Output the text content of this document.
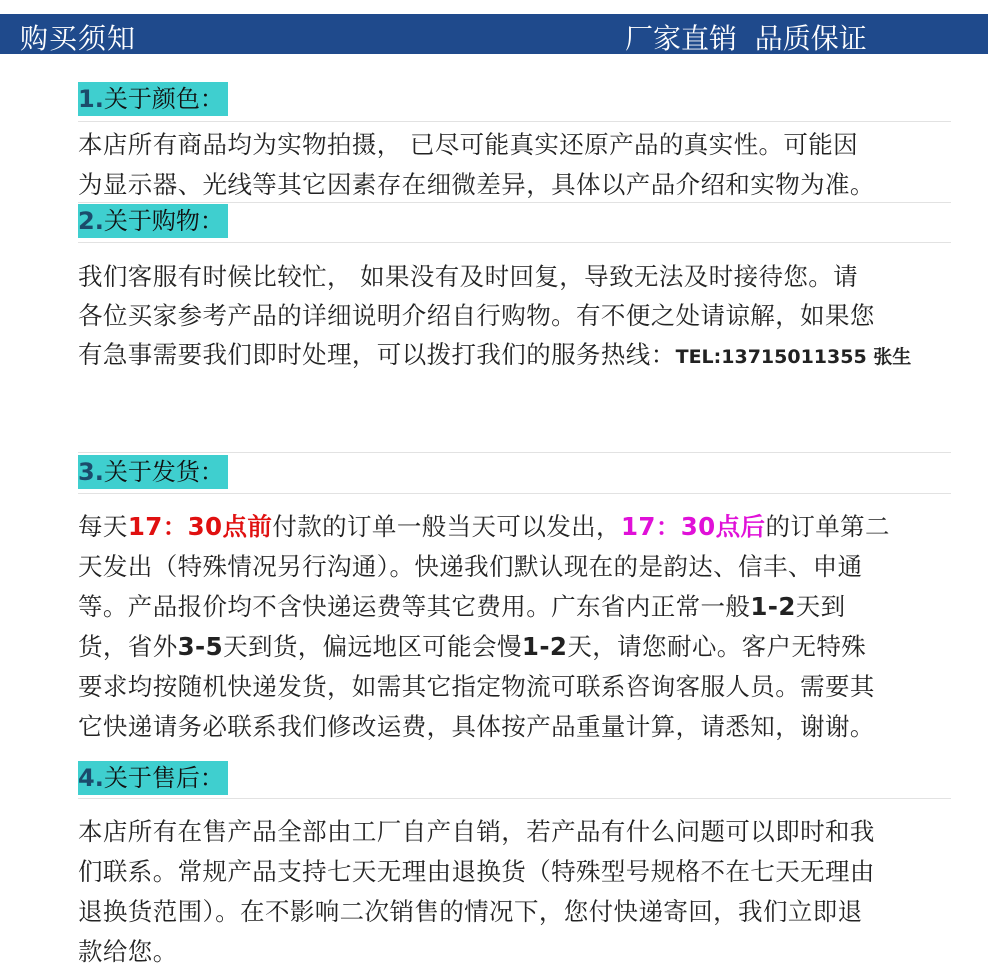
购买须知	厂家直销  品质保证
1.关于颜色：
本店所有商品均为实物拍摄， 已尽可能真实还原产品的真实性。可能因
为显示器、光线等其它因素存在细微差异，具体以产品介绍和实物为准。
2.关于购物：
我们客服有时候比较忙， 如果没有及时回复，导致无法及时接待您。请
各位买家参考产品的详细说明介绍自行购物。有不便之处请谅解，如果您
有急事需要我们即时处理，可以拨打我们的服务热线：TEL:13715011355 张生
3.关于发货：
每天17：30点前付款的订单一般当天可以发出，17：30点后的订单第二
天发出（特殊情况另行沟通）。快递我们默认现在的是韵达、信丰、申通
等。产品报价均不含快递运费等其它费用。广东省内正常一般1-2天到
货，省外3-5天到货，偏远地区可能会慢1-2天，请您耐心。客户无特殊
要求均按随机快递发货，如需其它指定物流可联系咨询客服人员。需要其
它快递请务必联系我们修改运费，具体按产品重量计算，请悉知，谢谢。
4.关于售后：
本店所有在售产品全部由工厂自产自销，若产品有什么问题可以即时和我
们联系。常规产品支持七天无理由退换货（特殊型号规格不在七天无理由
退换货范围）。在不影响二次销售的情况下，您付快递寄回，我们立即退
款给您。
